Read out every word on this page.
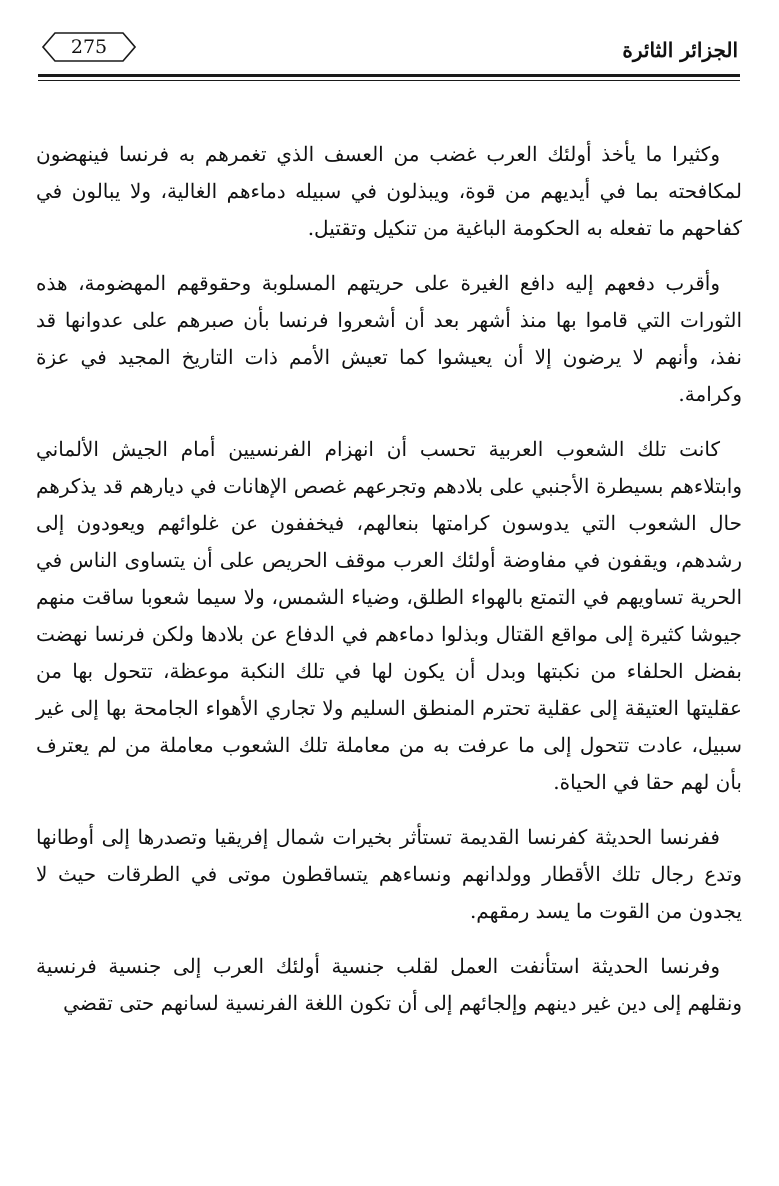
الجزائر الثائرة
275

وكثيرا ما يأخذ أولئك العرب غضب من العسف الذي تغمرهم به فرنسا فينهضون لمكافحته بما في أيديهم من قوة، ويبذلون في سبيله دماءهم الغالية، ولا يبالون في كفاحهم ما تفعله به الحكومة الباغية من تنكيل وتقتيل.

وأقرب دفعهم إليه دافع الغيرة على حريتهم المسلوبة وحقوقهم المهضومة، هذه الثورات التي قاموا بها منذ أشهر بعد أن أشعروا فرنسا بأن صبرهم على عدوانها قد نفذ، وأنهم لا يرضون إلا أن يعيشوا كما تعيش الأمم ذات التاريخ المجيد في عزة وكرامة.

كانت تلك الشعوب العربية تحسب أن انهزام الفرنسيين أمام الجيش الألماني وابتلاءهم بسيطرة الأجنبي على بلادهم وتجرعهم غصص الإهانات في ديارهم قد يذكرهم حال الشعوب التي يدوسون كرامتها بنعالهم، فيخففون عن غلوائهم ويعودون إلى رشدهم، ويقفون في مفاوضة أولئك العرب موقف الحريص على أن يتساوى الناس في الحرية تساويهم في التمتع بالهواء الطلق، وضياء الشمس، ولا سيما شعوبا ساقت منهم جيوشا كثيرة إلى مواقع القتال وبذلوا دماءهم في الدفاع عن بلادها ولكن فرنسا نهضت بفضل الحلفاء من نكبتها وبدل أن يكون لها في تلك النكبة موعظة، تتحول بها من عقليتها العتيقة إلى عقلية تحترم المنطق السليم ولا تجاري الأهواء الجامحة بها إلى غير سبيل، عادت تتحول إلى ما عرفت به من معاملة تلك الشعوب معاملة من لم يعترف بأن لهم حقا في الحياة.

ففرنسا الحديثة كفرنسا القديمة تستأثر بخيرات شمال إفريقيا وتصدرها إلى أوطانها وتدع رجال تلك الأقطار وولدانهم ونساءهم يتساقطون موتى في الطرقات حيث لا يجدون من القوت ما يسد رمقهم.

وفرنسا الحديثة استأنفت العمل لقلب جنسية أولئك العرب إلى جنسية فرنسية ونقلهم إلى دين غير دينهم وإلجائهم إلى أن تكون اللغة الفرنسية لسانهم حتى تقضي
